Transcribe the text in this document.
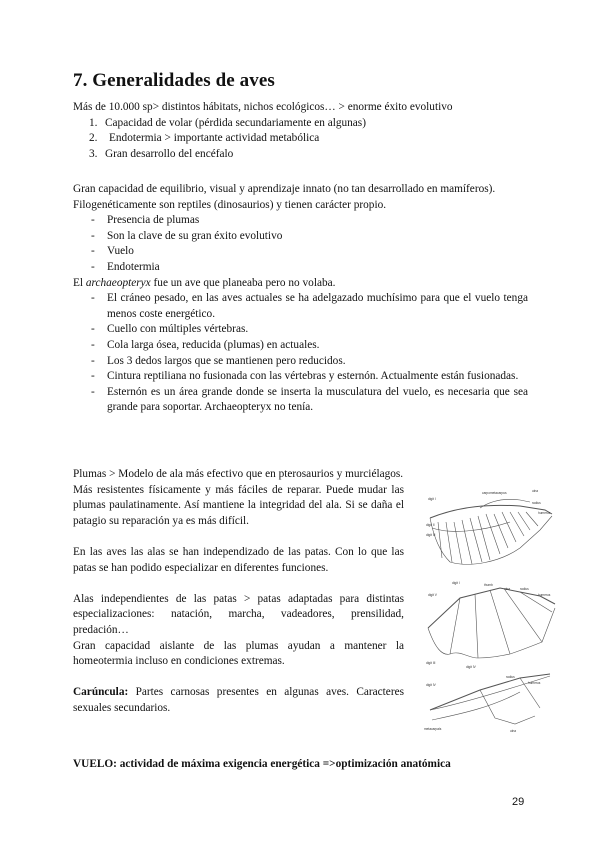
7. Generalidades de aves
Más de 10.000 sp> distintos hábitats, nichos ecológicos… > enorme éxito evolutivo
1. Capacidad de volar (pérdida secundariamente en algunas)
2. Endotermia > importante actividad metabólica
3. Gran desarrollo del encéfalo
Gran capacidad de equilibrio, visual y aprendizaje innato (no tan desarrollado en mamíferos).
Filogenéticamente son reptiles (dinosaurios) y tienen carácter propio.
- Presencia de plumas
- Son la clave de su gran éxito evolutivo
- Vuelo
- Endotermia
El archaeopteryx fue un ave que planeaba pero no volaba.
- El cráneo pesado, en las aves actuales se ha adelgazado muchísimo para que el vuelo tenga menos coste energético.
- Cuello con múltiples vértebras.
- Cola larga ósea, reducida (plumas) en actuales.
- Los 3 dedos largos que se mantienen pero reducidos.
- Cintura reptiliana no fusionada con las vértebras y esternón. Actualmente están fusionadas.
- Esternón es un área grande donde se inserta la musculatura del vuelo, es necesaria que sea grande para soportar. Archaeopteryx no tenía.
Plumas > Modelo de ala más efectivo que en pterosaurios y murciélagos.
Más resistentes físicamente y más fáciles de reparar. Puede mudar las plumas paulatinamente. Así mantiene la integridad del ala. Si se daña el patagio su reparación ya es más difícil.
En las aves las alas se han independizado de las patas. Con lo que las patas se han podido especializar en diferentes funciones.
Alas independientes de las patas > patas adaptadas para distintas especializaciones: natación, marcha, vadeadores, prensilidad, predación…
Gran capacidad aislante de las plumas ayudan a mantener la homeotermia incluso en condiciones extremas.
Carúncula: Partes carnosas presentes en algunas aves. Caracteres sexuales secundarios.
VUELO: actividad de máxima exigencia energética =>optimización anatómica
digit I
carpometacarpus	ulna
radius
humerus
digit II
digit III
digit I
digit V
thumb
ulna	radius
humerus
digit III
digit IV
digit IV
radius
humerus
metacarpals	ulna
29
